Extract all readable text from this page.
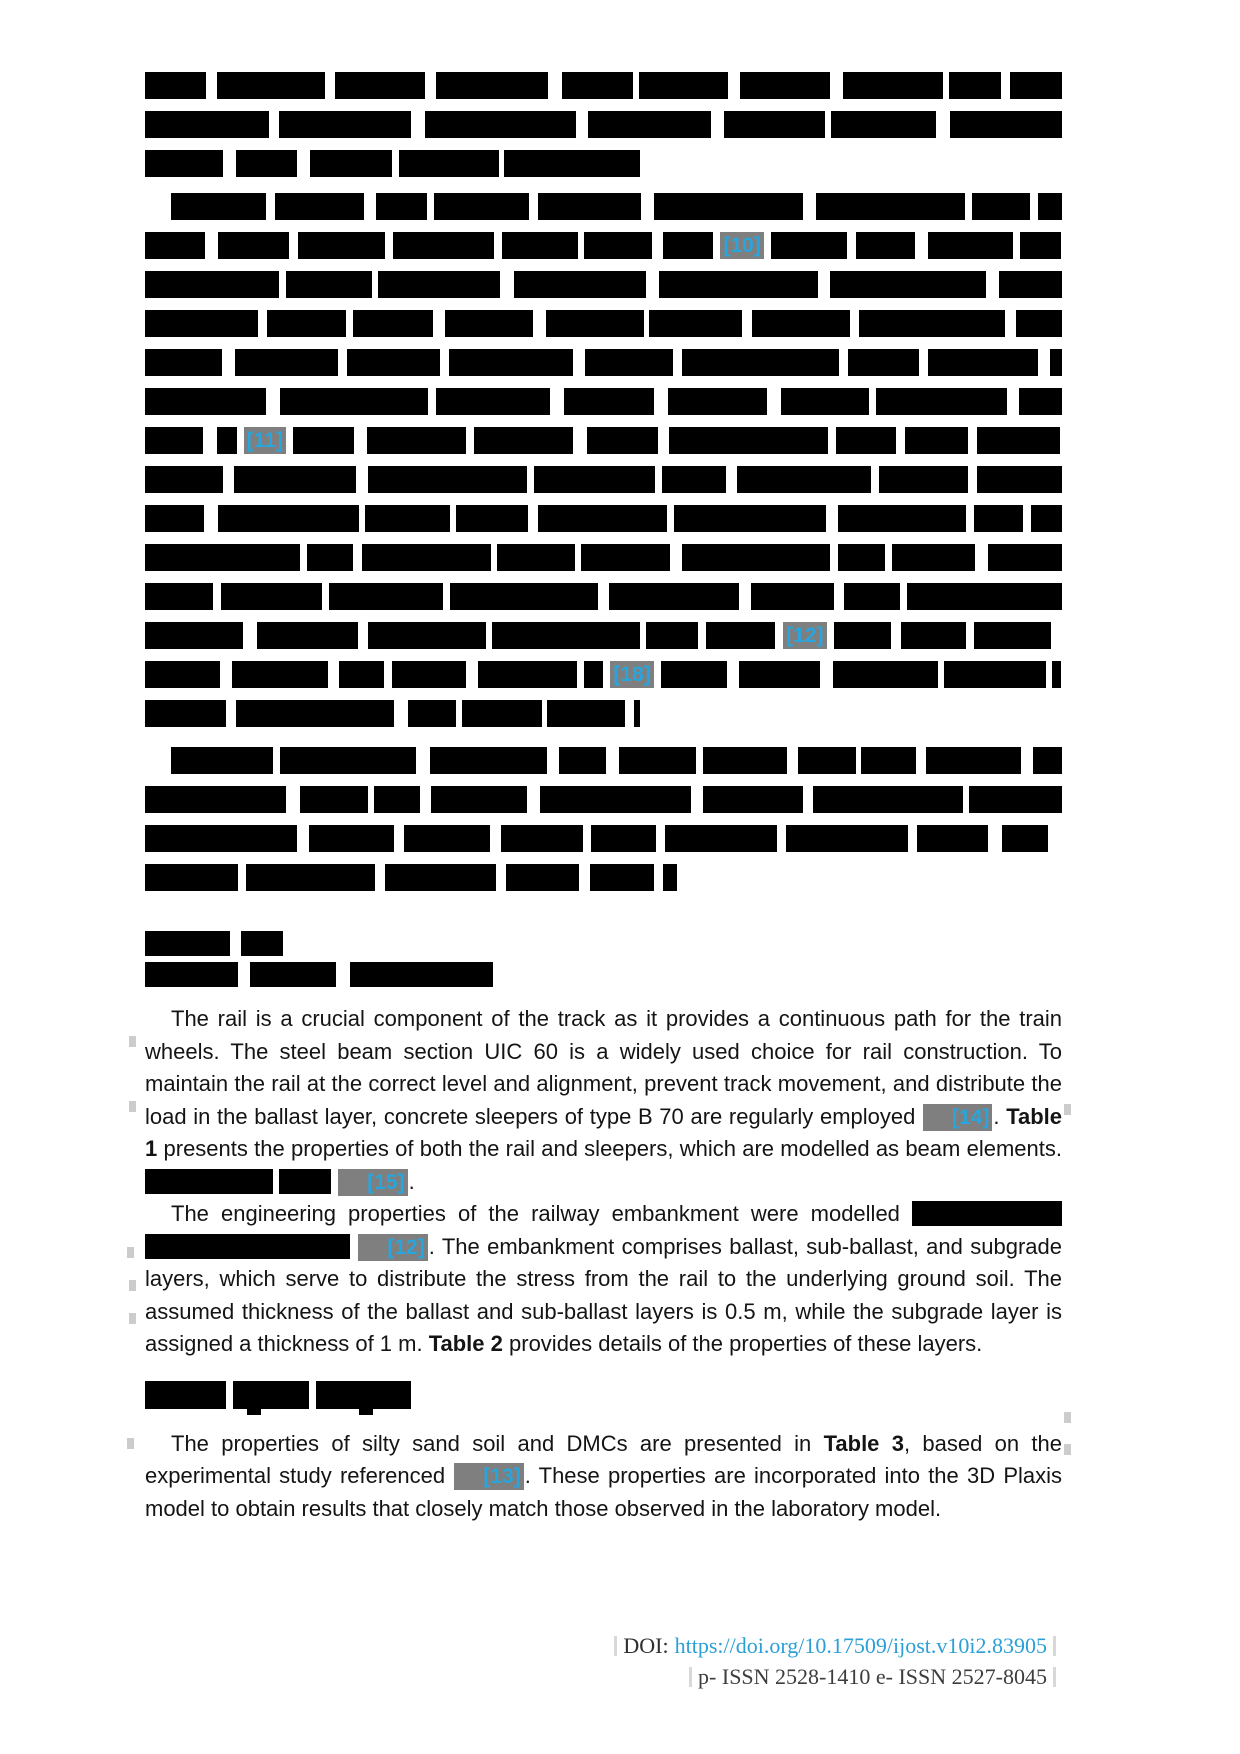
[10]
[11]
[12]
[18]

The rail is a crucial component of the track as it provides a continuous path for the train wheels. The steel beam section UIC 60 is a widely used choice for rail construction. To maintain the rail at the correct level and alignment, prevent track movement, and distribute the load in the ballast layer, concrete sleepers of type B 70 are regularly employed [14] . Table 1 presents the properties of both the rail and sleepers, which are modelled as beam elements.   [15] .

The engineering properties of the railway embankment were modelled   [12] . The embankment comprises ballast, sub-ballast, and subgrade layers, which serve to distribute the stress from the rail to the underlying ground soil. The assumed thickness of the ballast and sub-ballast layers is 0.5 m, while the subgrade layer is assigned a thickness of 1 m. Table 2 provides details of the properties of these layers.

The properties of silty sand soil and DMCs are presented in Table 3, based on the experimental study referenced [13] . These properties are incorporated into the 3D Plaxis model to obtain results that closely match those observed in the laboratory model.

DOI: https://doi.org/10.17509/ijost.v10i2.83905
p- ISSN 2528-1410 e- ISSN 2527-8045
